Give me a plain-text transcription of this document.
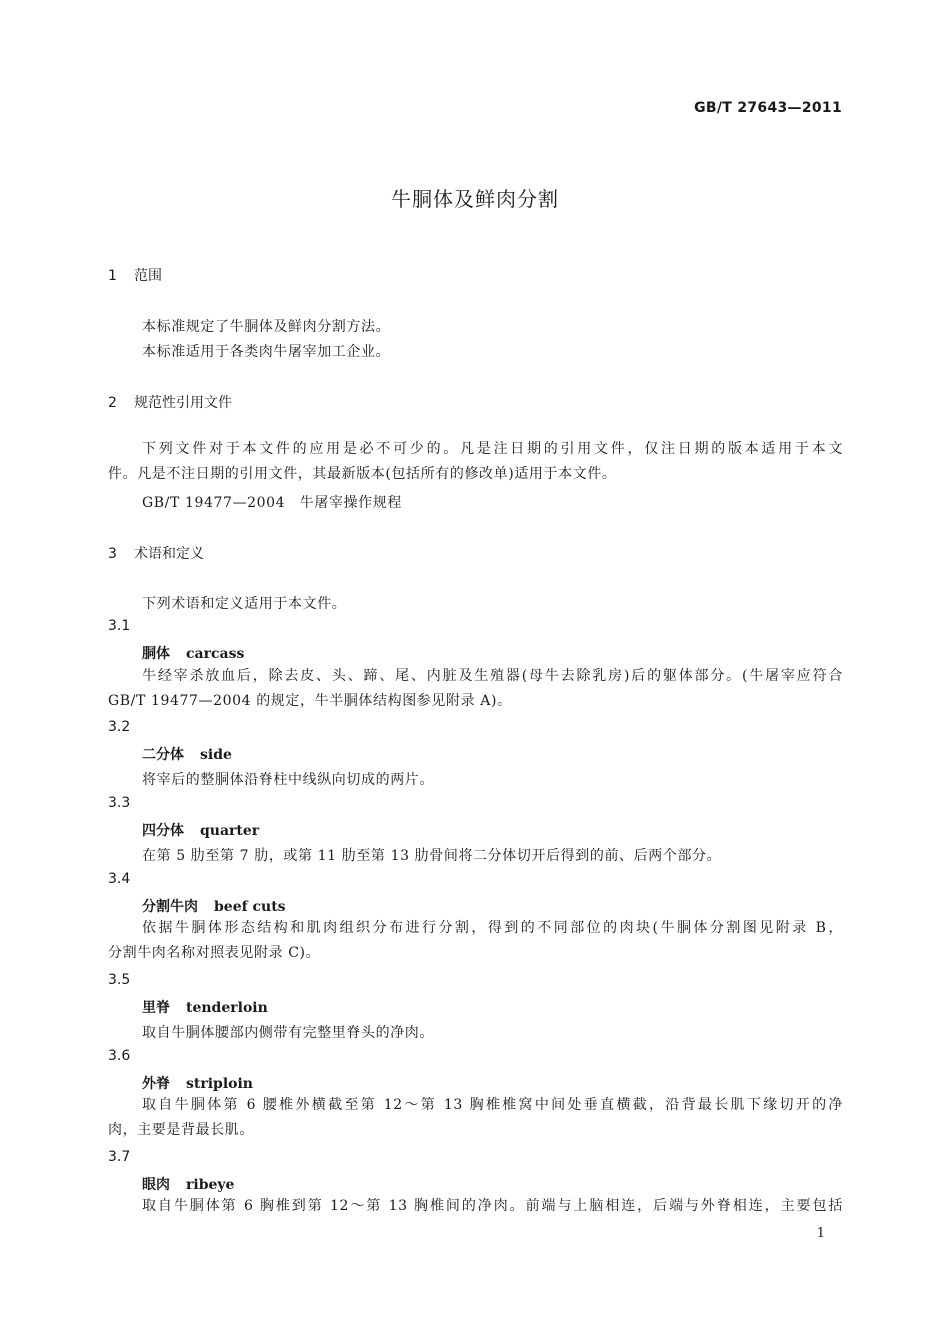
GB/T 27643—2011
牛胴体及鲜肉分割
1 范围
本标准规定了牛胴体及鲜肉分割方法。
本标准适用于各类肉牛屠宰加工企业。
2 规范性引用文件
下列文件对于本文件的应用是必不可少的。凡是注日期的引用文件，仅注日期的版本适用于本文
件。凡是不注日期的引用文件，其最新版本(包括所有的修改单)适用于本文件。
GB/T 19477—2004　牛屠宰操作规程
3 术语和定义
下列术语和定义适用于本文件。
3.1
胴体 carcass
牛经宰杀放血后，除去皮、头、蹄、尾、内脏及生殖器(母牛去除乳房)后的躯体部分。(牛屠宰应符合
GB/T 19477—2004 的规定，牛半胴体结构图参见附录 A)。
3.2
二分体 side
将宰后的整胴体沿脊柱中线纵向切成的两片。
3.3
四分体 quarter
在第 5 肋至第 7 肋，或第 11 肋至第 13 肋骨间将二分体切开后得到的前、后两个部分。
3.4
分割牛肉 beef cuts
依据牛胴体形态结构和肌肉组织分布进行分割，得到的不同部位的肉块(牛胴体分割图见附录 B，
分割牛肉名称对照表见附录 C)。
3.5
里脊 tenderloin
取自牛胴体腰部内侧带有完整里脊头的净肉。
3.6
外脊 striploin
取自牛胴体第 6 腰椎外横截至第 12～第 13 胸椎椎窝中间处垂直横截，沿背最长肌下缘切开的净
肉，主要是背最长肌。
3.7
眼肉 ribeye
取自牛胴体第 6 胸椎到第 12～第 13 胸椎间的净肉。前端与上脑相连，后端与外脊相连，主要包括
1
